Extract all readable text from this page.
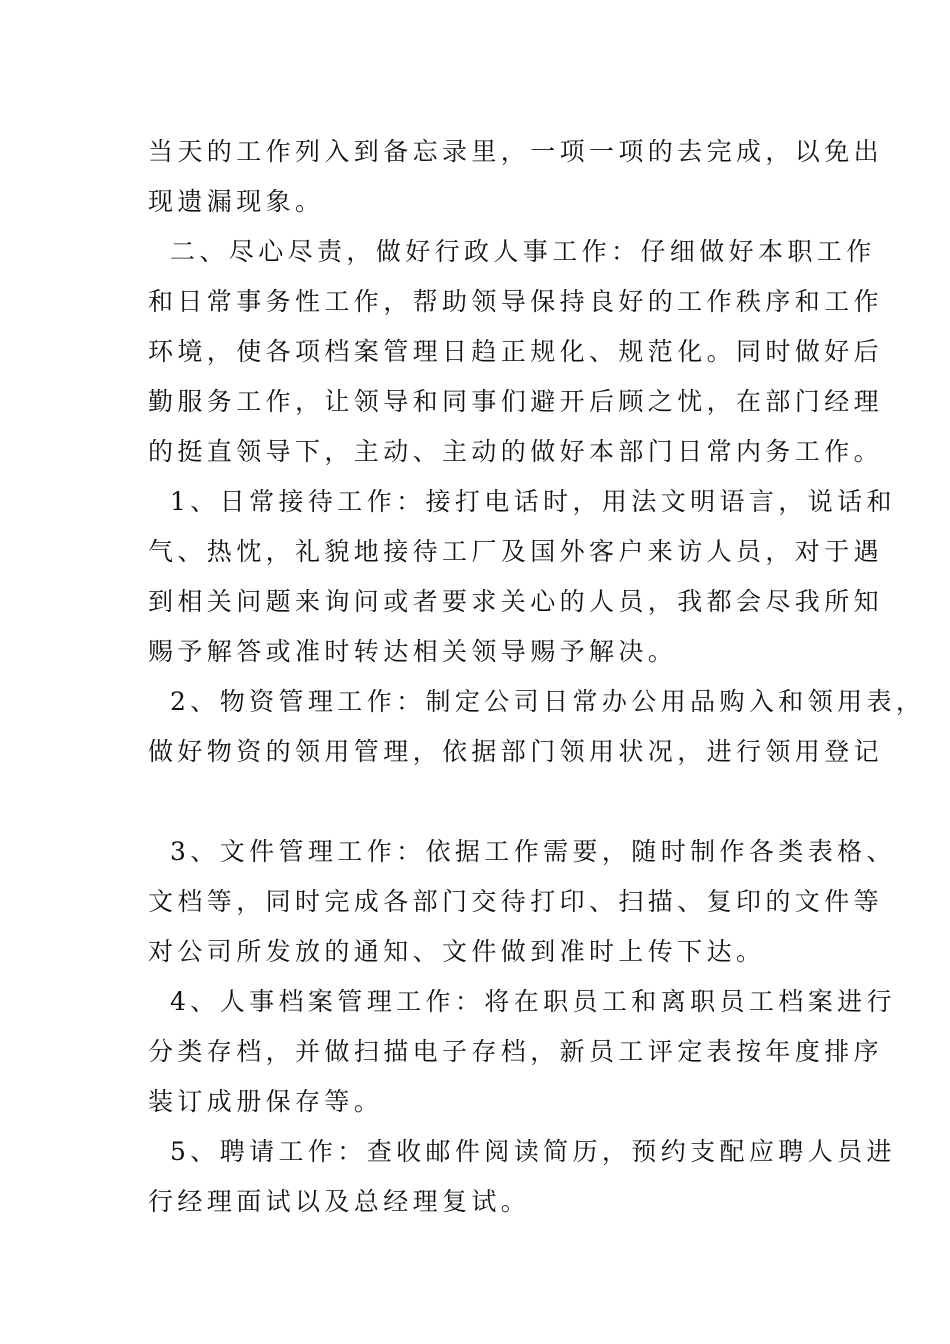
当天的工作列入到备忘录里，一项一项的去完成，以免出
现遗漏现象。
二、尽心尽责，做好行政人事工作：仔细做好本职工作
和日常事务性工作，帮助领导保持良好的工作秩序和工作
环境，使各项档案管理日趋正规化、规范化。同时做好后
勤服务工作，让领导和同事们避开后顾之忧，在部门经理
的挺直领导下，主动、主动的做好本部门日常内务工作。
1、日常接待工作：接打电话时，用法文明语言，说话和
气、热忱，礼貌地接待工厂及国外客户来访人员，对于遇
到相关问题来询问或者要求关心的人员，我都会尽我所知
赐予解答或准时转达相关领导赐予解决。
2、物资管理工作：制定公司日常办公用品购入和领用表，
做好物资的领用管理，依据部门领用状况，进行领用登记
3、文件管理工作：依据工作需要，随时制作各类表格、
文档等，同时完成各部门交待打印、扫描、复印的文件等
对公司所发放的通知、文件做到准时上传下达。
4、人事档案管理工作：将在职员工和离职员工档案进行
分类存档，并做扫描电子存档，新员工评定表按年度排序
装订成册保存等。
5、聘请工作：查收邮件阅读简历，预约支配应聘人员进
行经理面试以及总经理复试。
